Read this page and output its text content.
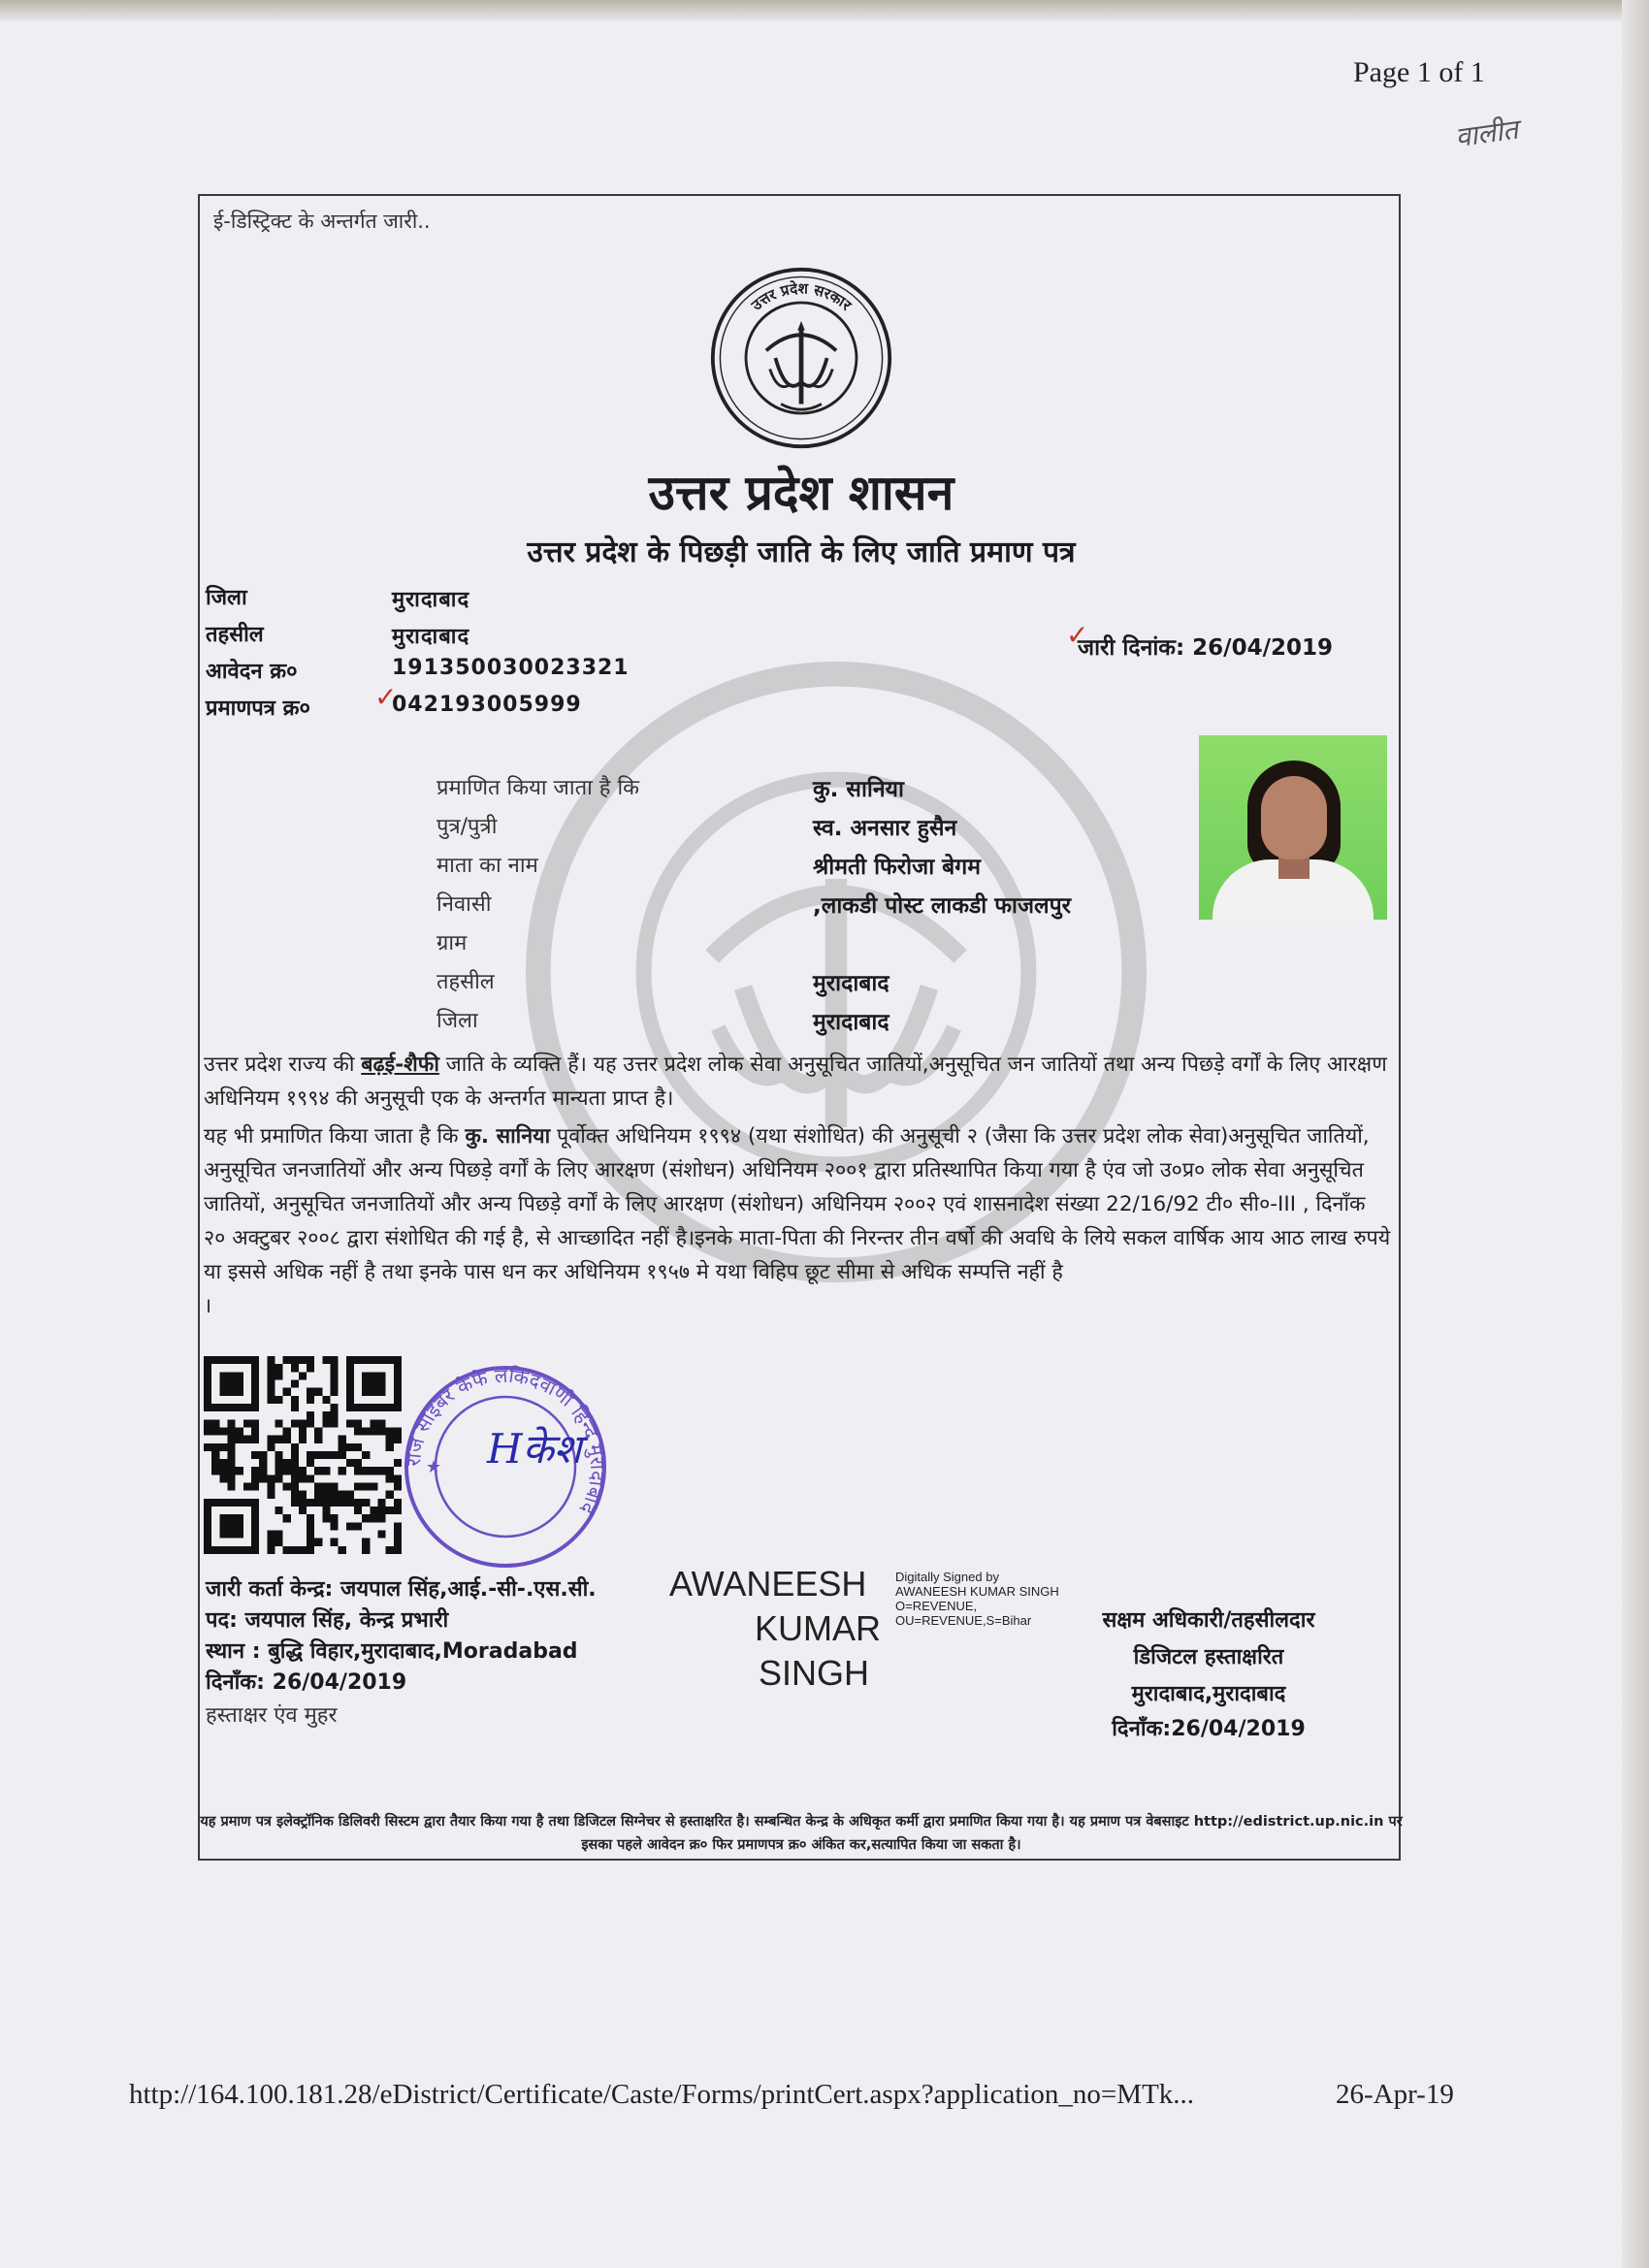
Page 1 of 1
वालीत
ई-डिस्ट्रिक्ट के अन्तर्गत जारी..
उत्तर प्रदेश सरकार
उत्तर प्रदेश शासन
उत्तर प्रदेश के पिछड़ी जाति के लिए जाति प्रमाण पत्र
जिला	मुरादाबाद
तहसील	मुरादाबाद
आवेदन क्र०	191350030023321
प्रमाणपत्र क्र०	042193005999
✓
जारी दिनांक: 26/04/2019
✓
प्रमाणित किया जाता है कि	कु. सानिया
पुत्र/पुत्री	स्व. अनसार हुसैन
माता का नाम	श्रीमती फिरोजा बेगम
निवासी	,लाकडी पोस्ट लाकडी फाजलपुर
ग्राम
तहसील	मुरादाबाद
जिला	मुरादाबाद
उत्तर प्रदेश राज्य की बढ़ई-शैफी जाति के व्यक्ति हैं। यह उत्तर प्रदेश लोक सेवा अनुसूचित जातियों,अनुसूचित जन जातियों तथा अन्य पिछड़े वर्गों के लिए आरक्षण अधिनियम १९९४ की अनुसूची एक के अन्तर्गत मान्यता प्राप्त है।
यह भी प्रमाणित किया जाता है कि कु. सानिया पूर्वोक्त अधिनियम १९९४ (यथा संशोधित) की अनुसूची २ (जैसा कि उत्तर प्रदेश लोक सेवा)अनुसूचित जातियों, अनुसूचित जनजातियों और अन्य पिछड़े वर्गों के लिए आरक्षण (संशोधन) अधिनियम २००१ द्वारा प्रतिस्थापित किया गया है एंव जो उ०प्र० लोक सेवा अनुसूचित जातियों, अनुसूचित जनजातियों और अन्य पिछड़े वर्गों के लिए आरक्षण (संशोधन) अधिनियम २००२ एवं शासनादेश संख्या 22/16/92 टी० सी०-III , दिनाँक २० अक्टुबर २००८ द्वारा संशोधित की गई है, से आच्छादित नहीं है।इनके माता-पिता की निरन्तर तीन वर्षो की अवधि के लिये सकल वार्षिक आय आठ लाख रुपये या इससे अधिक नहीं है तथा इनके पास धन कर अधिनियम १९५७ मे यथा विहिप छूट सीमा से अधिक सम्पत्ति नहीं है
।
राज साइबर कैफे लकिदवाणी हिन्द मुरादाबाद
★ Hकेश
जारी कर्ता केन्द्र: जयपाल सिंह,आई.-सी-.एस.सी.
पद: जयपाल सिंह, केन्द्र प्रभारी
स्थान : बुद्धि विहार,मुरादाबाद,Moradabad
दिनाँक: 26/04/2019
हस्ताक्षर एंव मुहर
AWANEESH
KUMAR
SINGH
Digitally Signed by AWANEESH KUMAR SINGH O=REVENUE, OU=REVENUE,S=Bihar	सक्षम अधिकारी/तहसीलदार
डिजिटल हस्ताक्षरित
मुरादाबाद,मुरादाबाद
दिनाँक:26/04/2019
यह प्रमाण पत्र इलेक्ट्रॉनिक डिलिवरी सिस्टम द्वारा तैयार किया गया है तथा डिजिटल सिग्नेचर से हस्ताक्षरित है। सम्बन्धित केन्द्र के अधिकृत कर्मी द्वारा प्रमाणित किया गया है। यह प्रमाण पत्र वेबसाइट http://edistrict.up.nic.in पर इसका पहले आवेदन क्र० फिर प्रमाणपत्र क्र० अंकित कर,सत्यापित किया जा सकता है।
http://164.100.181.28/eDistrict/Certificate/Caste/Forms/printCert.aspx?application_no=MTk...	26-Apr-19
